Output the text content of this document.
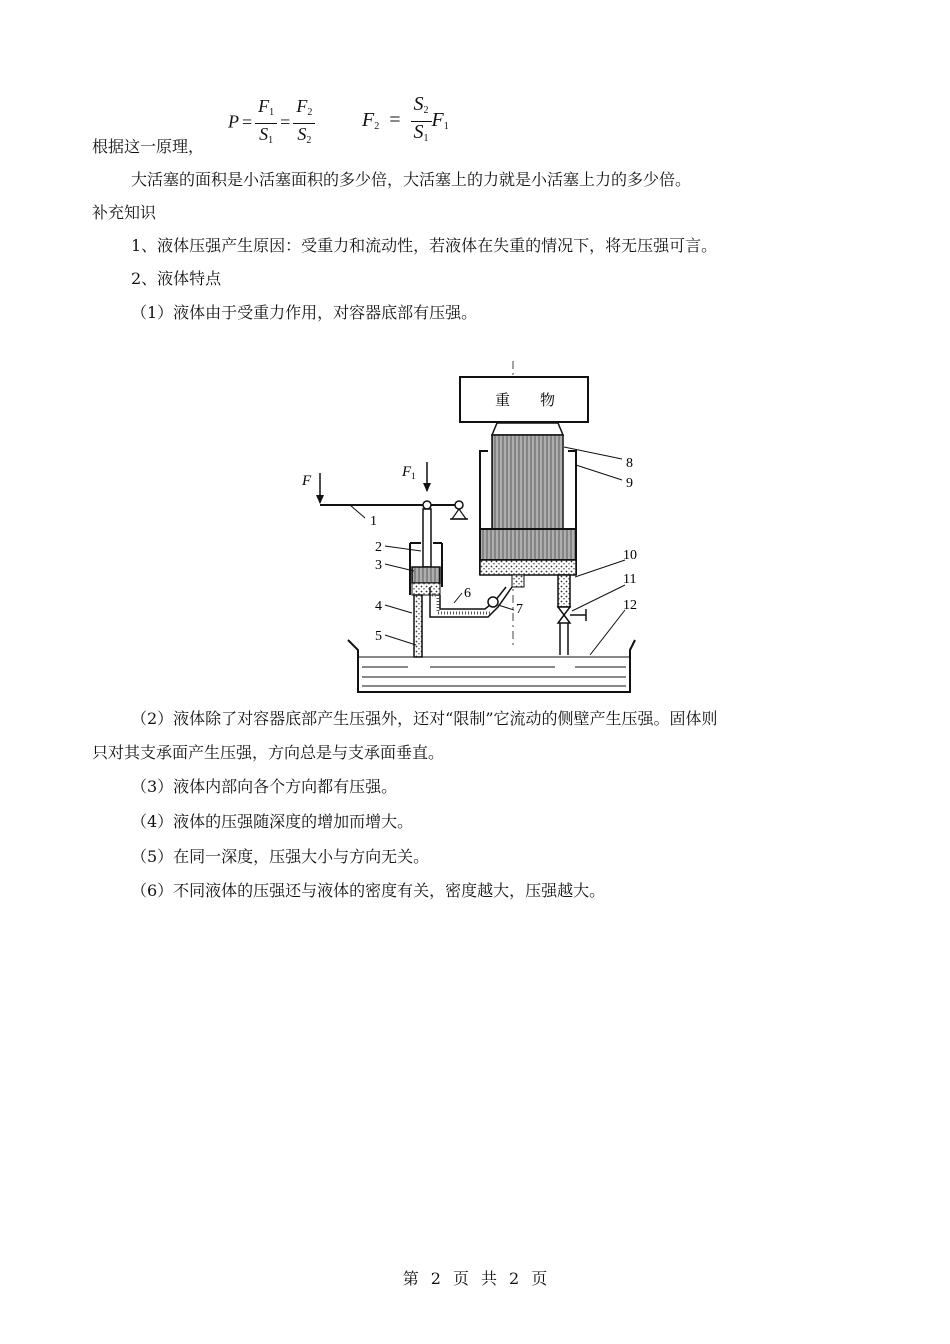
$P = \frac{F_1}{S_1} = \frac{F_2}{S_2} F_2 = \frac{S_2}{S_1} F_1$
根据这一原理，
大活塞的面积是小活塞面积的多少倍，大活塞上的力就是小活塞上力的多少倍。
补充知识
1、液体压强产生原因：受重力和流动性，若液体在失重的情况下，将无压强可言。
2、液体特点
（1）液体由于受重力作用，对容器底部有压强。
重 物
F
$F_1$
1
2
3
4
5
6
7
8
9
10
11
12
（2）液体除了对容器底部产生压强外，还对“限制”它流动的侧壁产生压强。固体则
只对其支承面产生压强，方向总是与支承面垂直。
（3）液体内部向各个方向都有压强。
（4）液体的压强随深度的增加而增大。
（5）在同一深度，压强大小与方向无关。
（6）不同液体的压强还与液体的密度有关，密度越大，压强越大。
第 2 页 共 2 页
